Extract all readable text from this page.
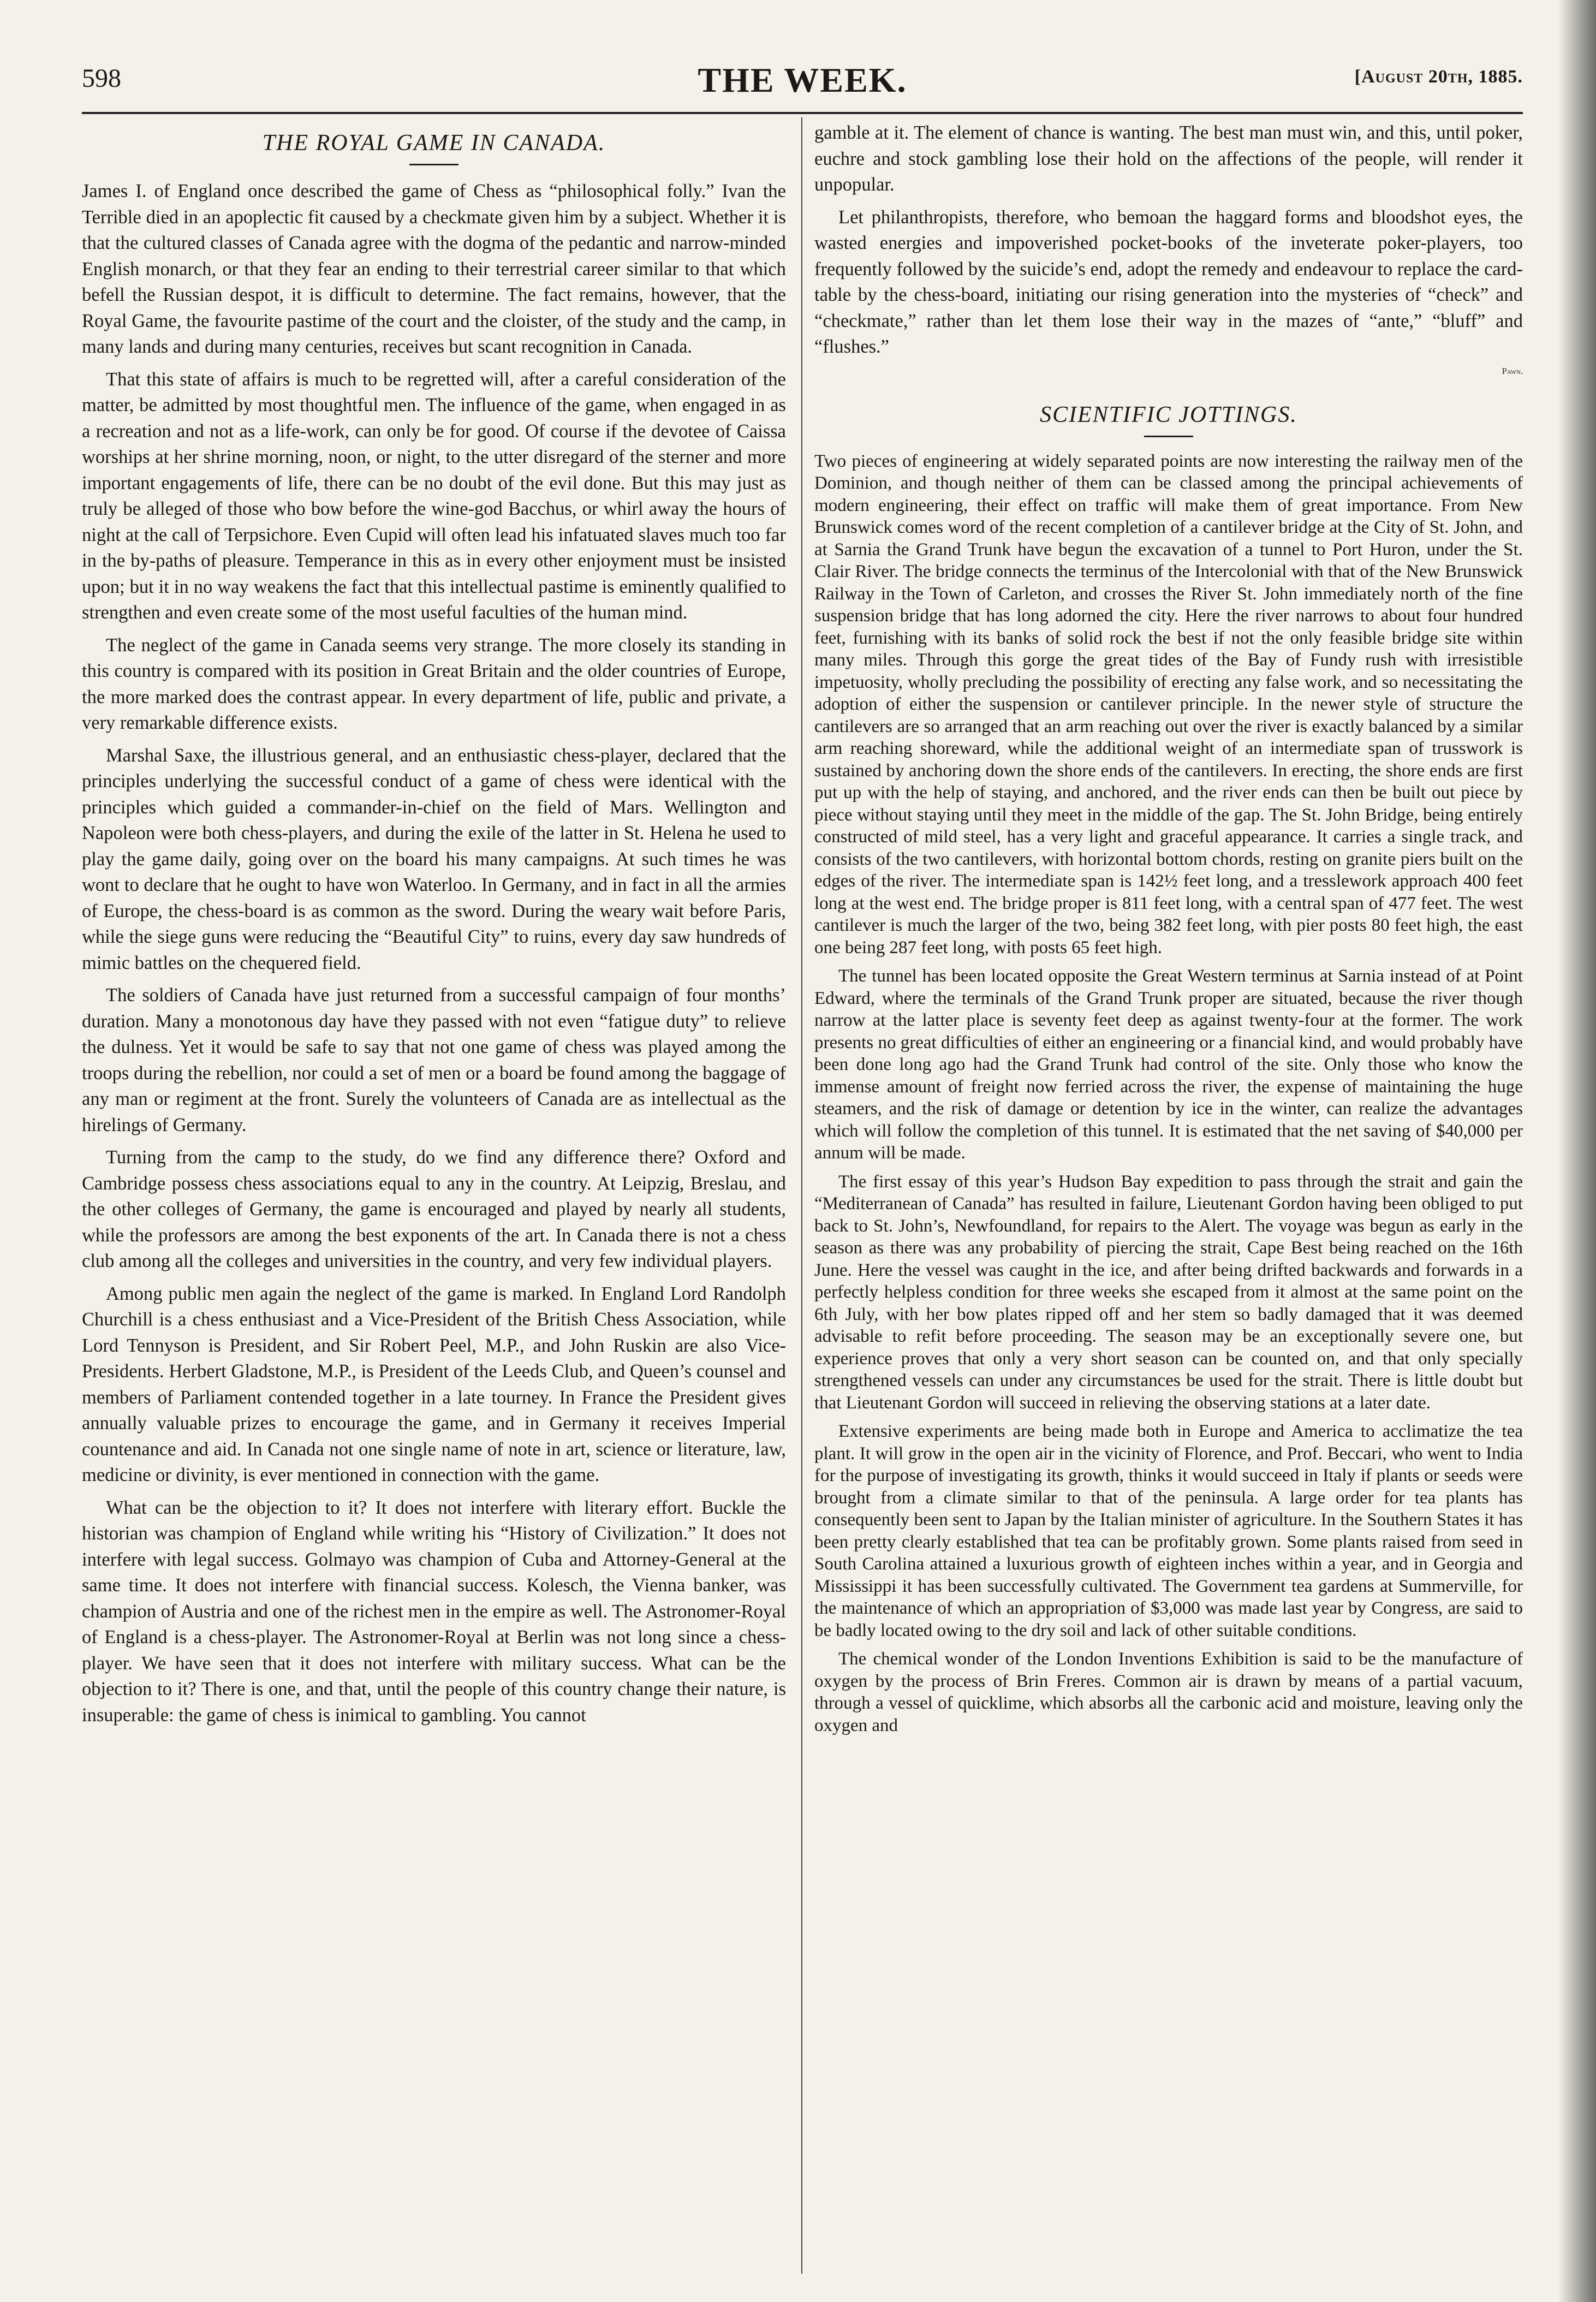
598	THE WEEK.	[August 20th, 1885.
THE ROYAL GAME IN CANADA.

James I. of England once described the game of Chess as “philosophical folly.” Ivan the Terrible died in an apoplectic fit caused by a checkmate given him by a subject. Whether it is that the cultured classes of Canada agree with the dogma of the pedantic and narrow-minded English monarch, or that they fear an ending to their terrestrial career similar to that which befell the Russian despot, it is difficult to determine. The fact remains, however, that the Royal Game, the favourite pastime of the court and the cloister, of the study and the camp, in many lands and during many centuries, receives but scant recognition in Canada.

That this state of affairs is much to be regretted will, after a careful consideration of the matter, be admitted by most thoughtful men. The influence of the game, when engaged in as a recreation and not as a life-work, can only be for good. Of course if the devotee of Caissa worships at her shrine morning, noon, or night, to the utter disregard of the sterner and more important engagements of life, there can be no doubt of the evil done. But this may just as truly be alleged of those who bow before the wine-god Bacchus, or whirl away the hours of night at the call of Terpsichore. Even Cupid will often lead his infatuated slaves much too far in the by-paths of pleasure. Temperance in this as in every other enjoyment must be insisted upon; but it in no way weakens the fact that this intellectual pastime is eminently qualified to strengthen and even create some of the most useful faculties of the human mind.

The neglect of the game in Canada seems very strange. The more closely its standing in this country is compared with its position in Great Britain and the older countries of Europe, the more marked does the contrast appear. In every department of life, public and private, a very remarkable difference exists.

Marshal Saxe, the illustrious general, and an enthusiastic chess-player, declared that the principles underlying the successful conduct of a game of chess were identical with the principles which guided a commander-in-chief on the field of Mars. Wellington and Napoleon were both chess-players, and during the exile of the latter in St. Helena he used to play the game daily, going over on the board his many campaigns. At such times he was wont to declare that he ought to have won Waterloo. In Germany, and in fact in all the armies of Europe, the chess-board is as common as the sword. During the weary wait before Paris, while the siege guns were reducing the “Beautiful City” to ruins, every day saw hundreds of mimic battles on the chequered field.

The soldiers of Canada have just returned from a successful campaign of four months’ duration. Many a monotonous day have they passed with not even “fatigue duty” to relieve the dulness. Yet it would be safe to say that not one game of chess was played among the troops during the rebellion, nor could a set of men or a board be found among the baggage of any man or regiment at the front. Surely the volunteers of Canada are as intellectual as the hirelings of Germany.

Turning from the camp to the study, do we find any difference there? Oxford and Cambridge possess chess associations equal to any in the country. At Leipzig, Breslau, and the other colleges of Germany, the game is encouraged and played by nearly all students, while the professors are among the best exponents of the art. In Canada there is not a chess club among all the colleges and universities in the country, and very few individual players.

Among public men again the neglect of the game is marked. In England Lord Randolph Churchill is a chess enthusiast and a Vice-President of the British Chess Association, while Lord Tennyson is President, and Sir Robert Peel, M.P., and John Ruskin are also Vice-Presidents. Herbert Gladstone, M.P., is President of the Leeds Club, and Queen’s counsel and members of Parliament contended together in a late tourney. In France the President gives annually valuable prizes to encourage the game, and in Germany it receives Imperial countenance and aid. In Canada not one single name of note in art, science or literature, law, medicine or divinity, is ever mentioned in connection with the game.

What can be the objection to it? It does not interfere with literary effort. Buckle the historian was champion of England while writing his “History of Civilization.” It does not interfere with legal success. Golmayo was champion of Cuba and Attorney-General at the same time. It does not interfere with financial success. Kolesch, the Vienna banker, was champion of Austria and one of the richest men in the empire as well. The Astronomer-Royal of England is a chess-player. The Astronomer-Royal at Berlin was not long since a chess-player. We have seen that it does not interfere with military success. What can be the objection to it? There is one, and that, until the people of this country change their nature, is insuperable: the game of chess is inimical to gambling. You cannot

gamble at it. The element of chance is wanting. The best man must win, and this, until poker, euchre and stock gambling lose their hold on the affections of the people, will render it unpopular.

Let philanthropists, therefore, who bemoan the haggard forms and bloodshot eyes, the wasted energies and impoverished pocket-books of the inveterate poker-players, too frequently followed by the suicide’s end, adopt the remedy and endeavour to replace the card-table by the chess-board, initiating our rising generation into the mysteries of “check” and “checkmate,” rather than let them lose their way in the mazes of “ante,” “bluff” and “flushes.”

Pawn.
SCIENTIFIC JOTTINGS.

Two pieces of engineering at widely separated points are now interesting the railway men of the Dominion, and though neither of them can be classed among the principal achievements of modern engineering, their effect on traffic will make them of great importance. From New Brunswick comes word of the recent completion of a cantilever bridge at the City of St. John, and at Sarnia the Grand Trunk have begun the excavation of a tunnel to Port Huron, under the St. Clair River. The bridge connects the terminus of the Intercolonial with that of the New Brunswick Railway in the Town of Carleton, and crosses the River St. John immediately north of the fine suspension bridge that has long adorned the city. Here the river narrows to about four hundred feet, furnishing with its banks of solid rock the best if not the only feasible bridge site within many miles. Through this gorge the great tides of the Bay of Fundy rush with irresistible impetuosity, wholly precluding the possibility of erecting any false work, and so necessitating the adoption of either the suspension or cantilever principle. In the newer style of structure the cantilevers are so arranged that an arm reaching out over the river is exactly balanced by a similar arm reaching shoreward, while the additional weight of an intermediate span of trusswork is sustained by anchoring down the shore ends of the cantilevers. In erecting, the shore ends are first put up with the help of staying, and anchored, and the river ends can then be built out piece by piece without staying until they meet in the middle of the gap. The St. John Bridge, being entirely constructed of mild steel, has a very light and graceful appearance. It carries a single track, and consists of the two cantilevers, with horizontal bottom chords, resting on granite piers built on the edges of the river. The intermediate span is 142½ feet long, and a tresslework approach 400 feet long at the west end. The bridge proper is 811 feet long, with a central span of 477 feet. The west cantilever is much the larger of the two, being 382 feet long, with pier posts 80 feet high, the east one being 287 feet long, with posts 65 feet high.

The tunnel has been located opposite the Great Western terminus at Sarnia instead of at Point Edward, where the terminals of the Grand Trunk proper are situated, because the river though narrow at the latter place is seventy feet deep as against twenty-four at the former. The work presents no great difficulties of either an engineering or a financial kind, and would probably have been done long ago had the Grand Trunk had control of the site. Only those who know the immense amount of freight now ferried across the river, the expense of maintaining the huge steamers, and the risk of damage or detention by ice in the winter, can realize the advantages which will follow the completion of this tunnel. It is estimated that the net saving of $40,000 per annum will be made.

The first essay of this year’s Hudson Bay expedition to pass through the strait and gain the “Mediterranean of Canada” has resulted in failure, Lieutenant Gordon having been obliged to put back to St. John’s, Newfoundland, for repairs to the Alert. The voyage was begun as early in the season as there was any probability of piercing the strait, Cape Best being reached on the 16th June. Here the vessel was caught in the ice, and after being drifted backwards and forwards in a perfectly helpless condition for three weeks she escaped from it almost at the same point on the 6th July, with her bow plates ripped off and her stem so badly damaged that it was deemed advisable to refit before proceeding. The season may be an exceptionally severe one, but experience proves that only a very short season can be counted on, and that only specially strengthened vessels can under any circumstances be used for the strait. There is little doubt but that Lieutenant Gordon will succeed in relieving the observing stations at a later date.

Extensive experiments are being made both in Europe and America to acclimatize the tea plant. It will grow in the open air in the vicinity of Florence, and Prof. Beccari, who went to India for the purpose of investigating its growth, thinks it would succeed in Italy if plants or seeds were brought from a climate similar to that of the peninsula. A large order for tea plants has consequently been sent to Japan by the Italian minister of agriculture. In the Southern States it has been pretty clearly established that tea can be profitably grown. Some plants raised from seed in South Carolina attained a luxurious growth of eighteen inches within a year, and in Georgia and Mississippi it has been successfully cultivated. The Government tea gardens at Summerville, for the maintenance of which an appropriation of $3,000 was made last year by Congress, are said to be badly located owing to the dry soil and lack of other suitable conditions.

The chemical wonder of the London Inventions Exhibition is said to be the manufacture of oxygen by the process of Brin Freres. Common air is drawn by means of a partial vacuum, through a vessel of quicklime, which absorbs all the carbonic acid and moisture, leaving only the oxygen and
